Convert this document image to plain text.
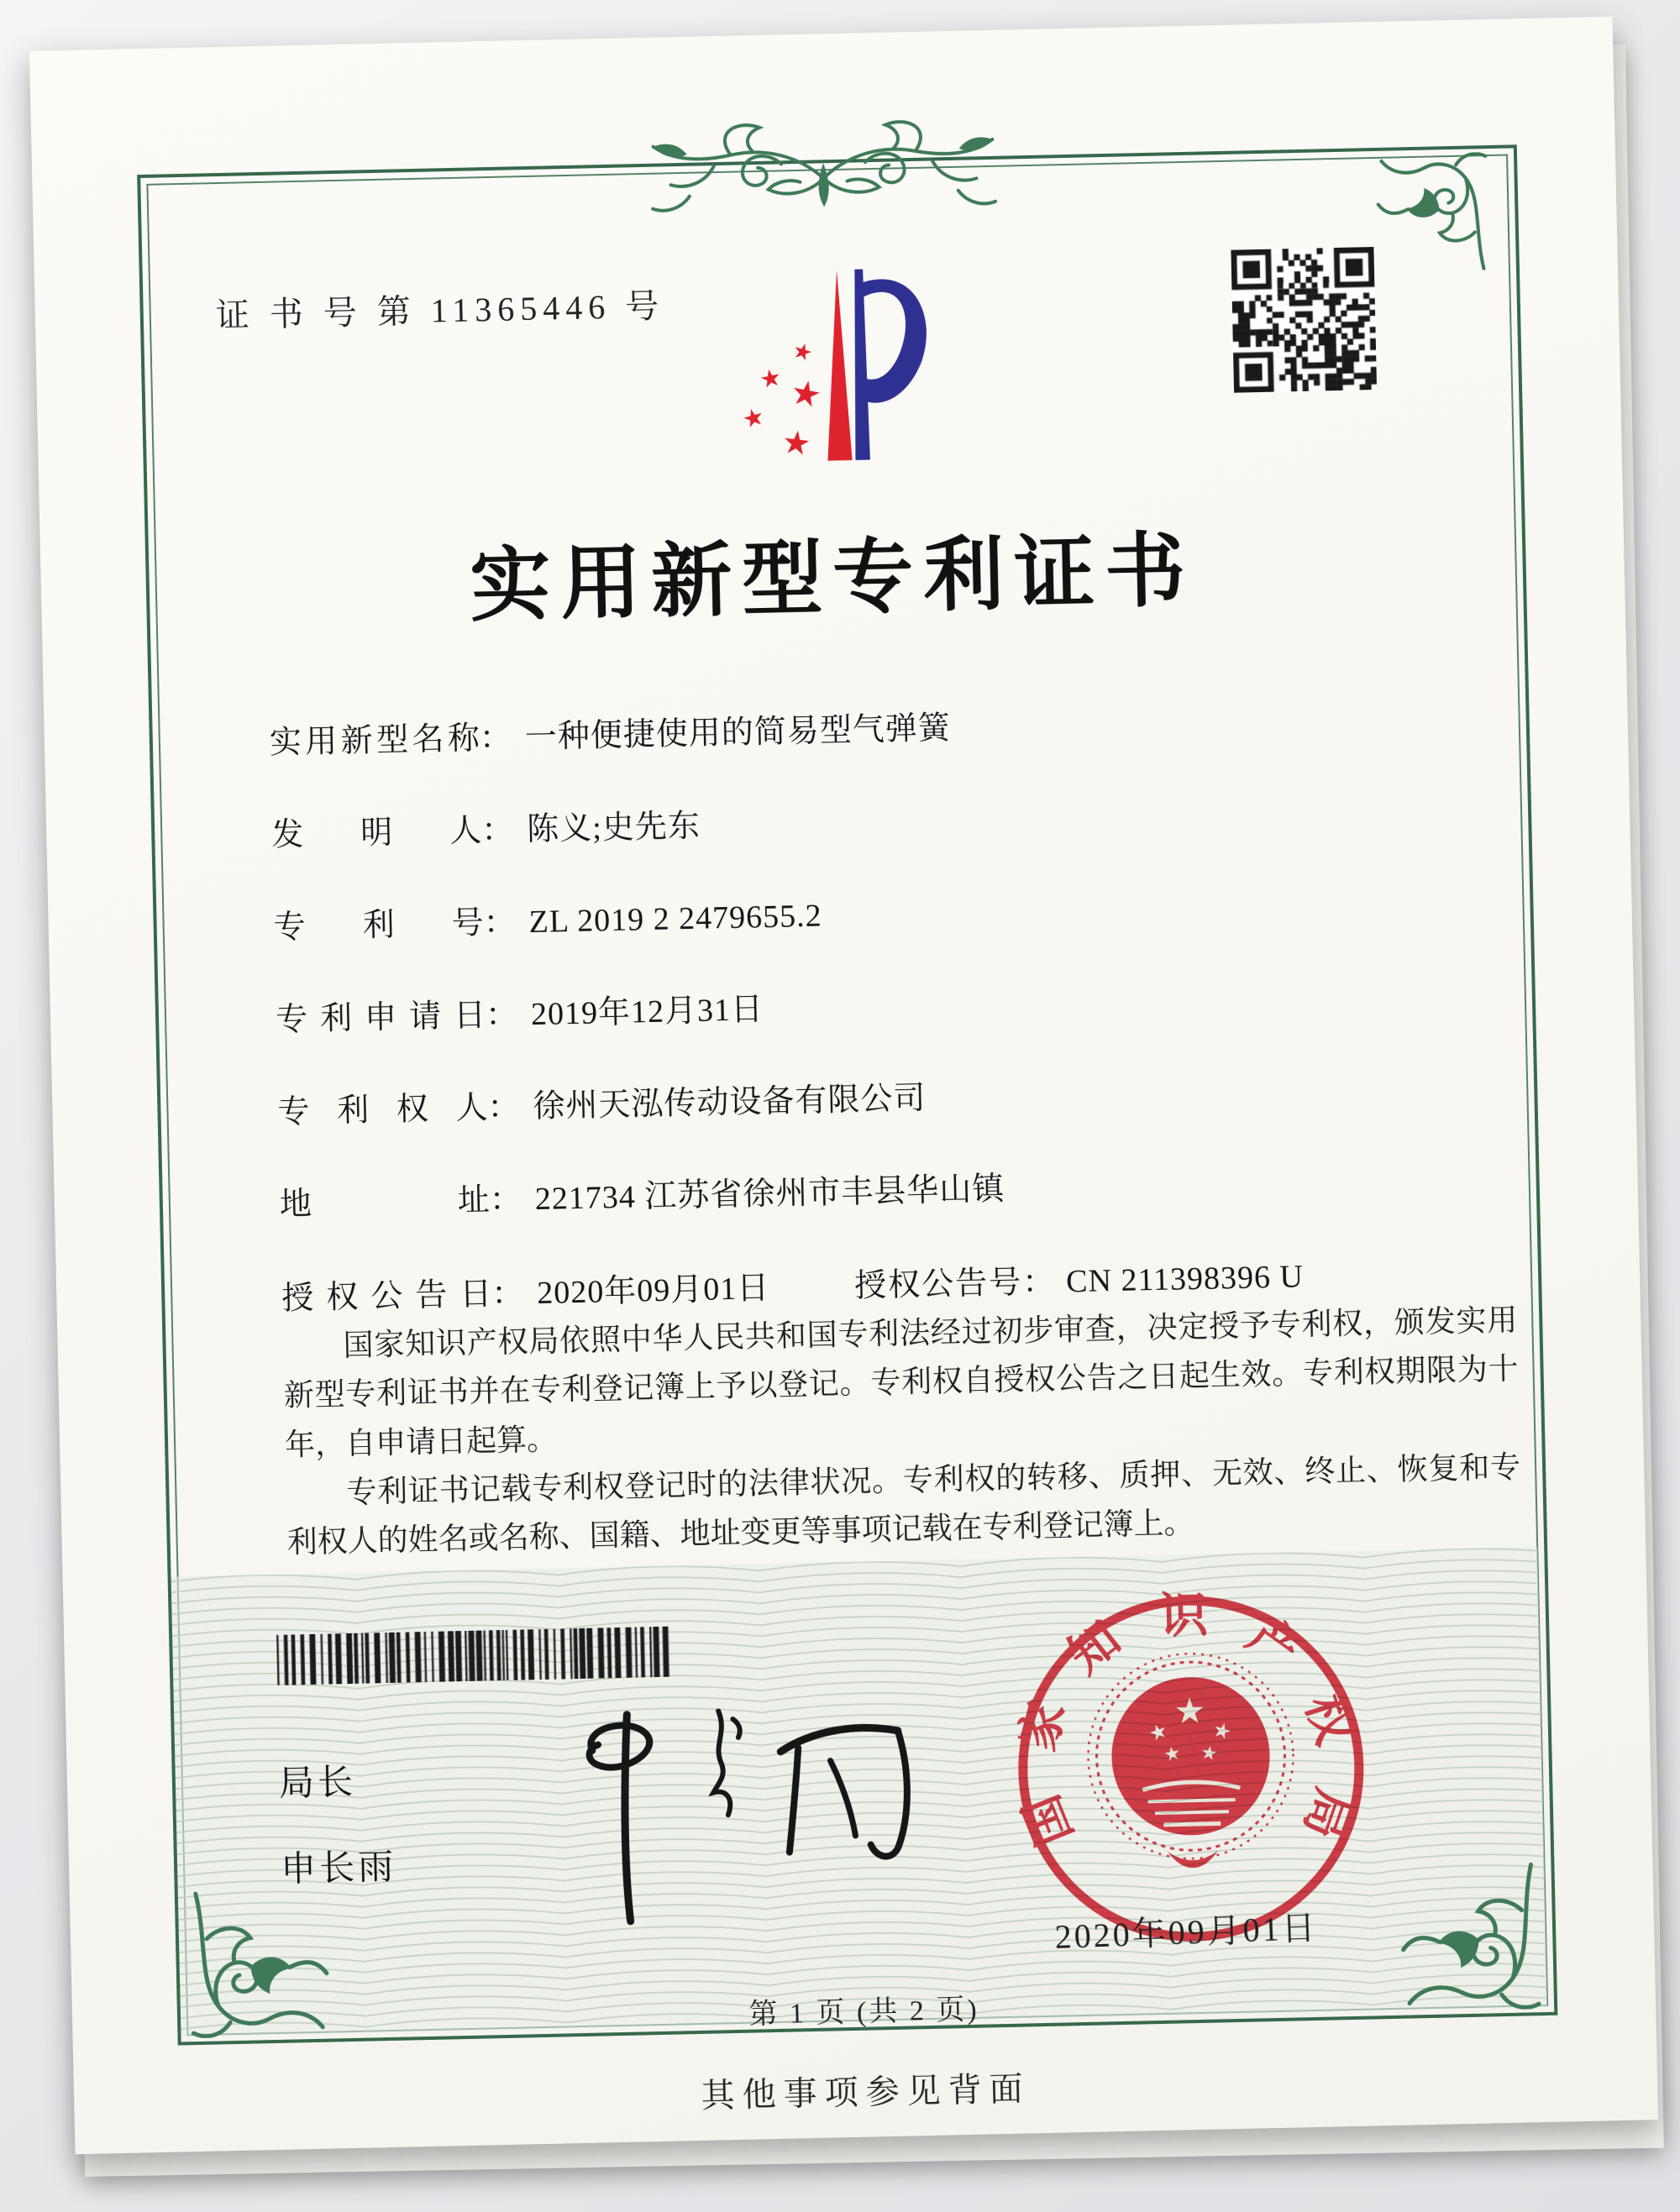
证 书 号 第 11365446 号
实用新型专利证书
实用新型名称： 一种便捷使用的简易型气弹簧
发明人： 陈义;史先东
专利号： ZL 2019 2 2479655.2
专利申请日： 2019年12月31日
专利权人： 徐州天泓传动设备有限公司
地址： 221734 江苏省徐州市丰县华山镇
授权公告日： 2020年09月01日	授权公告号： CN 211398396 U

国家知识产权局依照中华人民共和国专利法经过初步审查，决定授予专利权，颁发实用新型专利证书并在专利登记簿上予以登记。专利权自授权公告之日起生效。专利权期限为十年，自申请日起算。

专利证书记载专利权登记时的法律状况。专利权的转移、质押、无效、终止、恢复和专利权人的姓名或名称、国籍、地址变更等事项记载在专利登记簿上。

局长
申长雨
国家知识产权局
2020年09月01日
第 1 页 (共 2 页)
其他事项参见背面
